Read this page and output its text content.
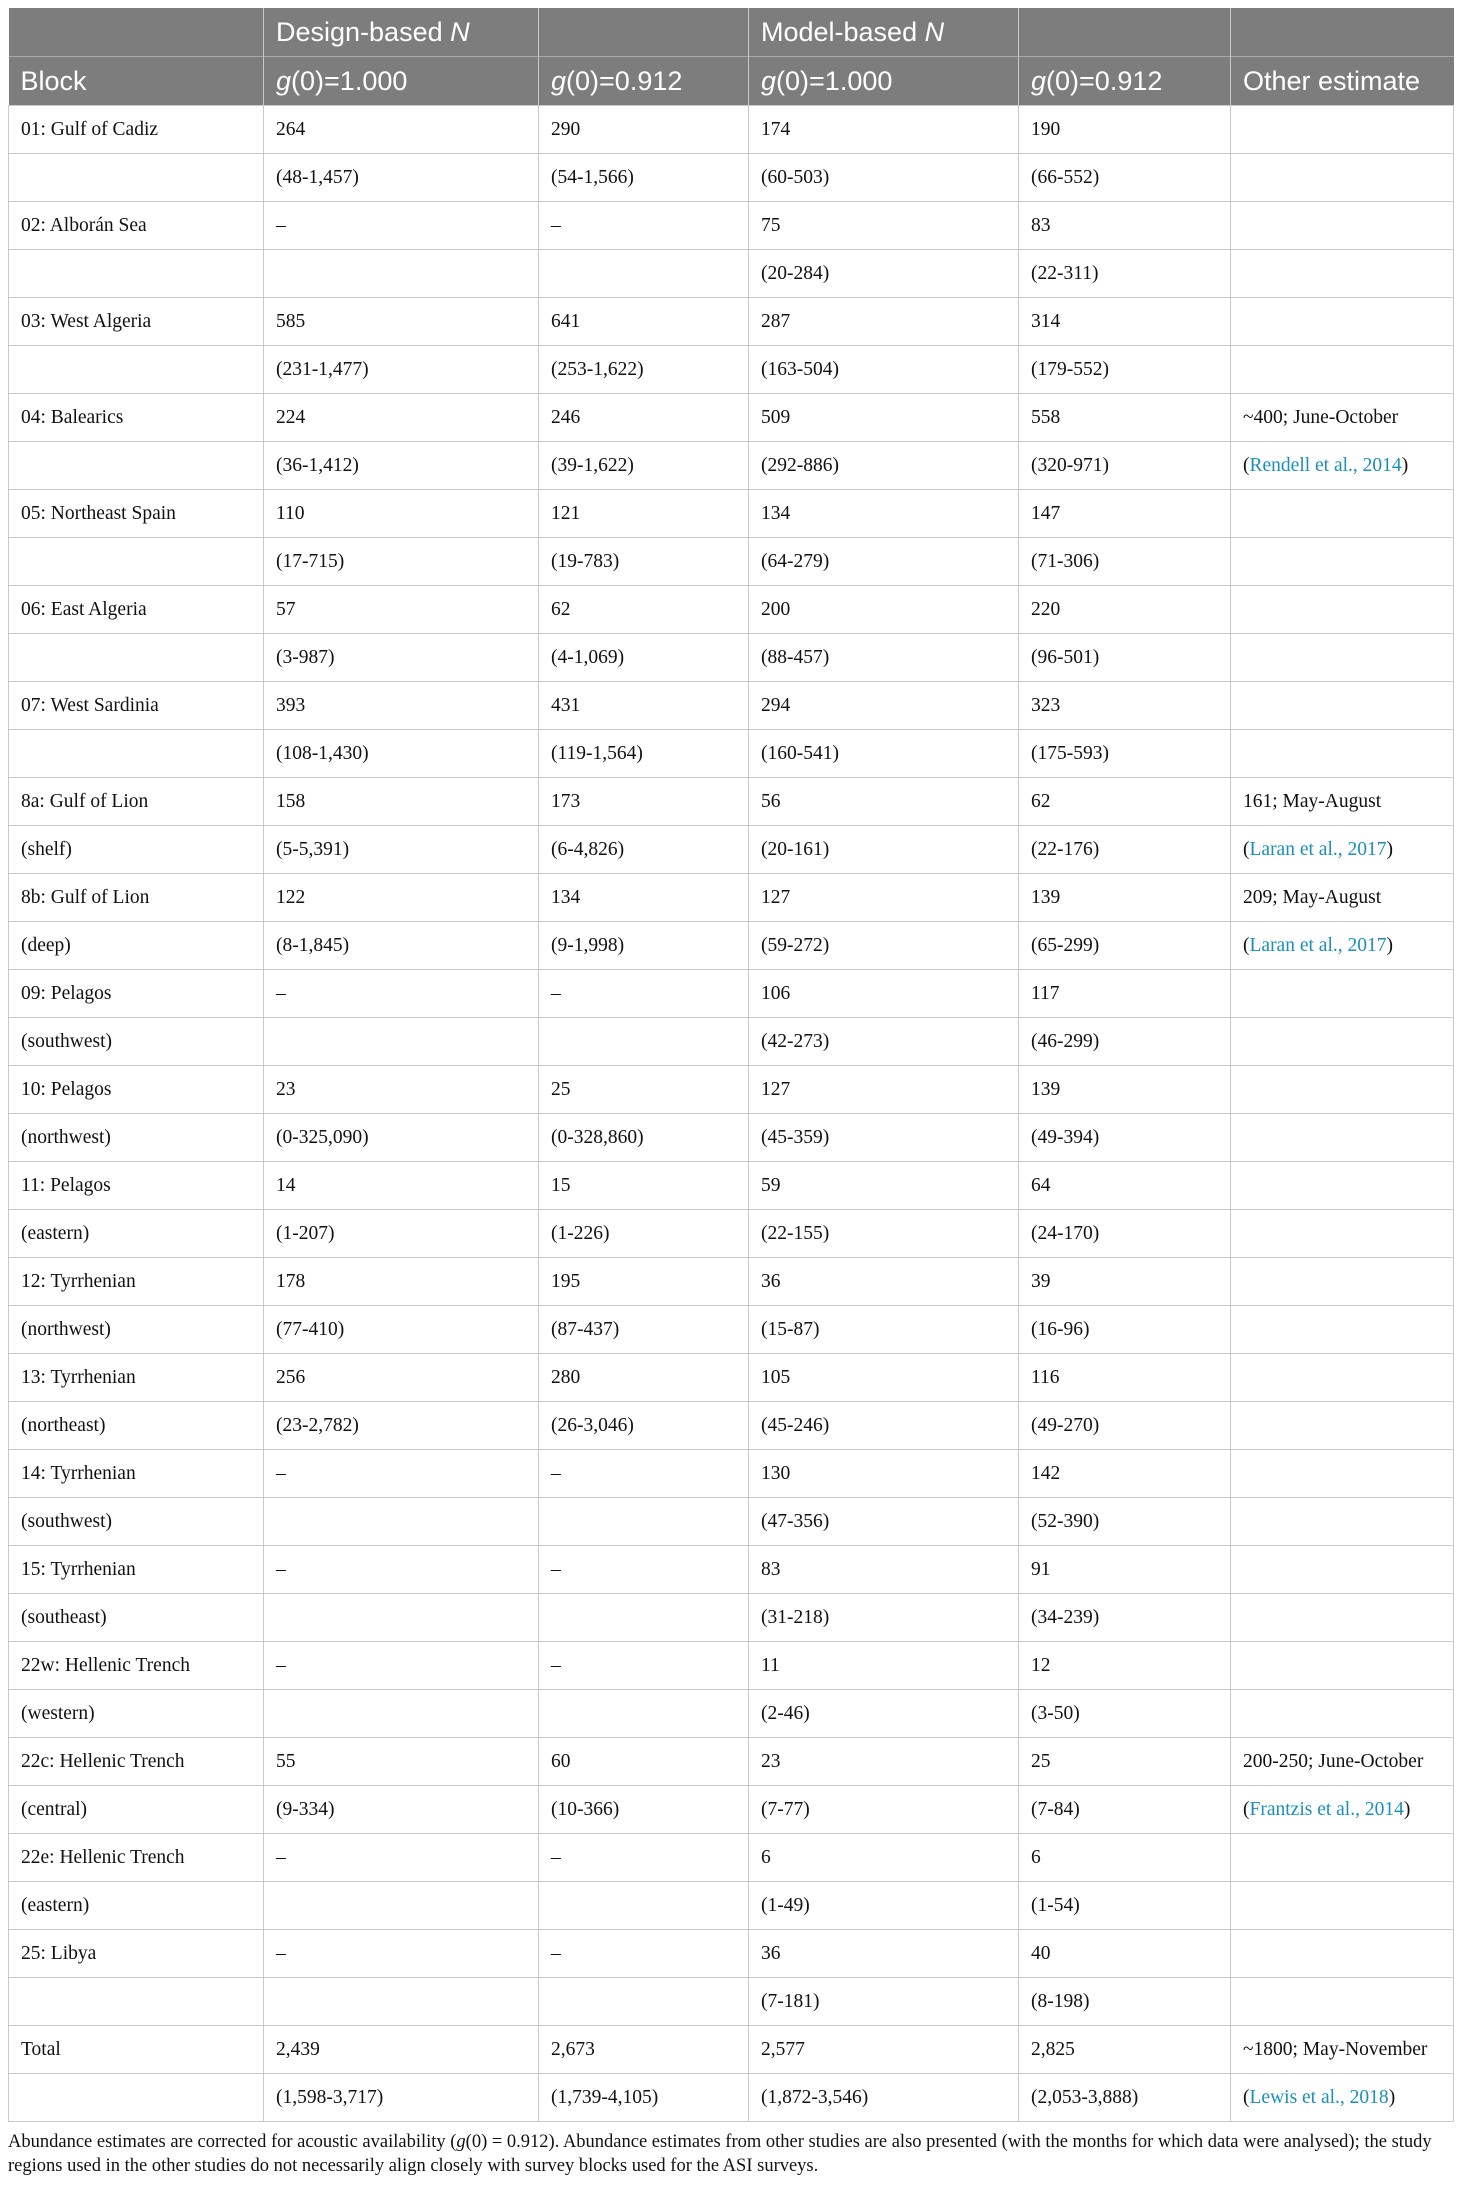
	Design-based N		Model-based N		
Block	g(0)=1.000	g(0)=0.912	g(0)=1.000	g(0)=0.912	Other estimate
01: Gulf of Cadiz	264	290	174	190	
	(48-1,457)	(54-1,566)	(60-503)	(66-552)	
02: Alborán Sea	–	–	75	83	
			(20-284)	(22-311)	
03: West Algeria	585	641	287	314	
	(231-1,477)	(253-1,622)	(163-504)	(179-552)	
04: Balearics	224	246	509	558	~400; June-October
	(36-1,412)	(39-1,622)	(292-886)	(320-971)	(Rendell et al., 2014)
05: Northeast Spain	110	121	134	147	
	(17-715)	(19-783)	(64-279)	(71-306)	
06: East Algeria	57	62	200	220	
	(3-987)	(4-1,069)	(88-457)	(96-501)	
07: West Sardinia	393	431	294	323	
	(108-1,430)	(119-1,564)	(160-541)	(175-593)	
8a: Gulf of Lion	158	173	56	62	161; May-August
(shelf)	(5-5,391)	(6-4,826)	(20-161)	(22-176)	(Laran et al., 2017)
8b: Gulf of Lion	122	134	127	139	209; May-August
(deep)	(8-1,845)	(9-1,998)	(59-272)	(65-299)	(Laran et al., 2017)
09: Pelagos	–	–	106	117	
(southwest)			(42-273)	(46-299)	
10: Pelagos	23	25	127	139	
(northwest)	(0-325,090)	(0-328,860)	(45-359)	(49-394)	
11: Pelagos	14	15	59	64	
(eastern)	(1-207)	(1-226)	(22-155)	(24-170)	
12: Tyrrhenian	178	195	36	39	
(northwest)	(77-410)	(87-437)	(15-87)	(16-96)	
13: Tyrrhenian	256	280	105	116	
(northeast)	(23-2,782)	(26-3,046)	(45-246)	(49-270)	
14: Tyrrhenian	–	–	130	142	
(southwest)			(47-356)	(52-390)	
15: Tyrrhenian	–	–	83	91	
(southeast)			(31-218)	(34-239)	
22w: Hellenic Trench	–	–	11	12	
(western)			(2-46)	(3-50)	
22c: Hellenic Trench	55	60	23	25	200-250; June-October
(central)	(9-334)	(10-366)	(7-77)	(7-84)	(Frantzis et al., 2014)
22e: Hellenic Trench	–	–	6	6	
(eastern)			(1-49)	(1-54)	
25: Libya	–	–	36	40	
			(7-181)	(8-198)	
Total	2,439	2,673	2,577	2,825	~1800; May-November
	(1,598-3,717)	(1,739-4,105)	(1,872-3,546)	(2,053-3,888)	(Lewis et al., 2018)
Abundance estimates are corrected for acoustic availability (g(0) = 0.912). Abundance estimates from other studies are also presented (with the months for which data were analysed); the study regions used in the other studies do not necessarily align closely with survey blocks used for the ASI surveys.
